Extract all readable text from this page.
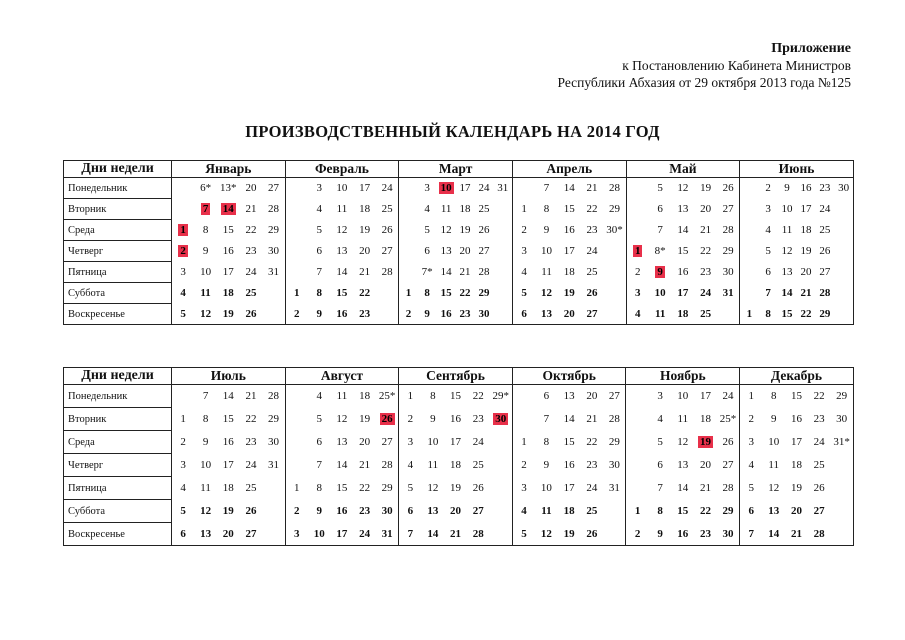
Приложение
к Постановлению Кабинета Министров
Республики Абхазия от 29 октября 2013 года №125
ПРОИЗВОДСТВЕННЫЙ КАЛЕНДАРЬ НА 2014 ГОД
Дни недели	Январь					Февраль					Март						Апрель					Май					Июнь					
Понедельник		6*	13*	20	27		3	10	17	24		3	10	17	24	31		7	14	21	28		5	12	19	26		2	9	16	23	30
Вторник		7	14	21	28		4	11	18	25		4	11	18	25		1	8	15	22	29		6	13	20	27		3	10	17	24	
Среда	1	8	15	22	29		5	12	19	26		5	12	19	26		2	9	16	23	30*		7	14	21	28		4	11	18	25	
Четверг	2	9	16	23	30		6	13	20	27		6	13	20	27		3	10	17	24		1	8*	15	22	29		5	12	19	26	
Пятница	3	10	17	24	31		7	14	21	28		7*	14	21	28		4	11	18	25		2	9	16	23	30		6	13	20	27	
Суббота	4	11	18	25		1	8	15	22		1	8	15	22	29		5	12	19	26		3	10	17	24	31		7	14	21	28	
Воскресенье	5	12	19	26		2	9	16	23		2	9	16	23	30		6	13	20	27		4	11	18	25		1	8	15	22	29	
Дни недели	Июль					Август					Сентябрь					Октябрь					Ноябрь					Декабрь				
Понедельник		7	14	21	28		4	11	18	25*	1	8	15	22	29*		6	13	20	27		3	10	17	24	1	8	15	22	29
Вторник	1	8	15	22	29		5	12	19	26	2	9	16	23	30		7	14	21	28		4	11	18	25*	2	9	16	23	30
Среда	2	9	16	23	30		6	13	20	27	3	10	17	24		1	8	15	22	29		5	12	19	26	3	10	17	24	31*
Четверг	3	10	17	24	31		7	14	21	28	4	11	18	25		2	9	16	23	30		6	13	20	27	4	11	18	25	
Пятница	4	11	18	25		1	8	15	22	29	5	12	19	26		3	10	17	24	31		7	14	21	28	5	12	19	26	
Суббота	5	12	19	26		2	9	16	23	30	6	13	20	27		4	11	18	25		1	8	15	22	29	6	13	20	27	
Воскресенье	6	13	20	27		3	10	17	24	31	7	14	21	28		5	12	19	26		2	9	16	23	30	7	14	21	28	
